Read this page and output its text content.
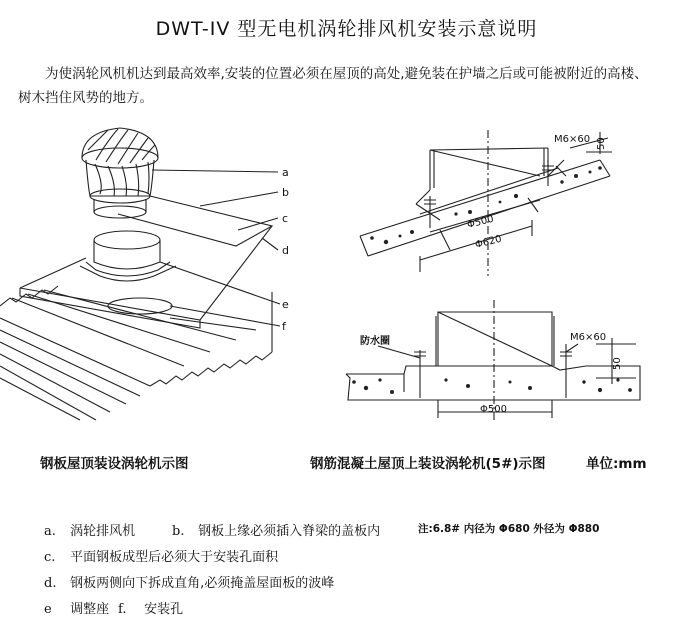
DWT-IV 型无电机涡轮排风机安装示意说明
为使涡轮风机机达到最高效率,安装的位置必须在屋顶的高处,避免装在护墙之后或可能被附近的高楼、树木挡住风势的地方。
a
b
c
d
e
f
M6×60 50
Φ500
Φ620
防水圈	M6×60
50
Φ500
钢板屋顶装设涡轮机示图	钢筋混凝土屋顶上装设涡轮机(5#)示图	单位:mm
a. 涡轮排风机	b. 钢板上缘必须插入脊梁的盖板内	注:6.8# 内径为 Φ680 外径为 Φ880
c. 平面钢板成型后必须大于安装孔面积
d. 钢板两侧向下拆成直角,必须掩盖屋面板的波峰
e 调整座 f. 安装孔
